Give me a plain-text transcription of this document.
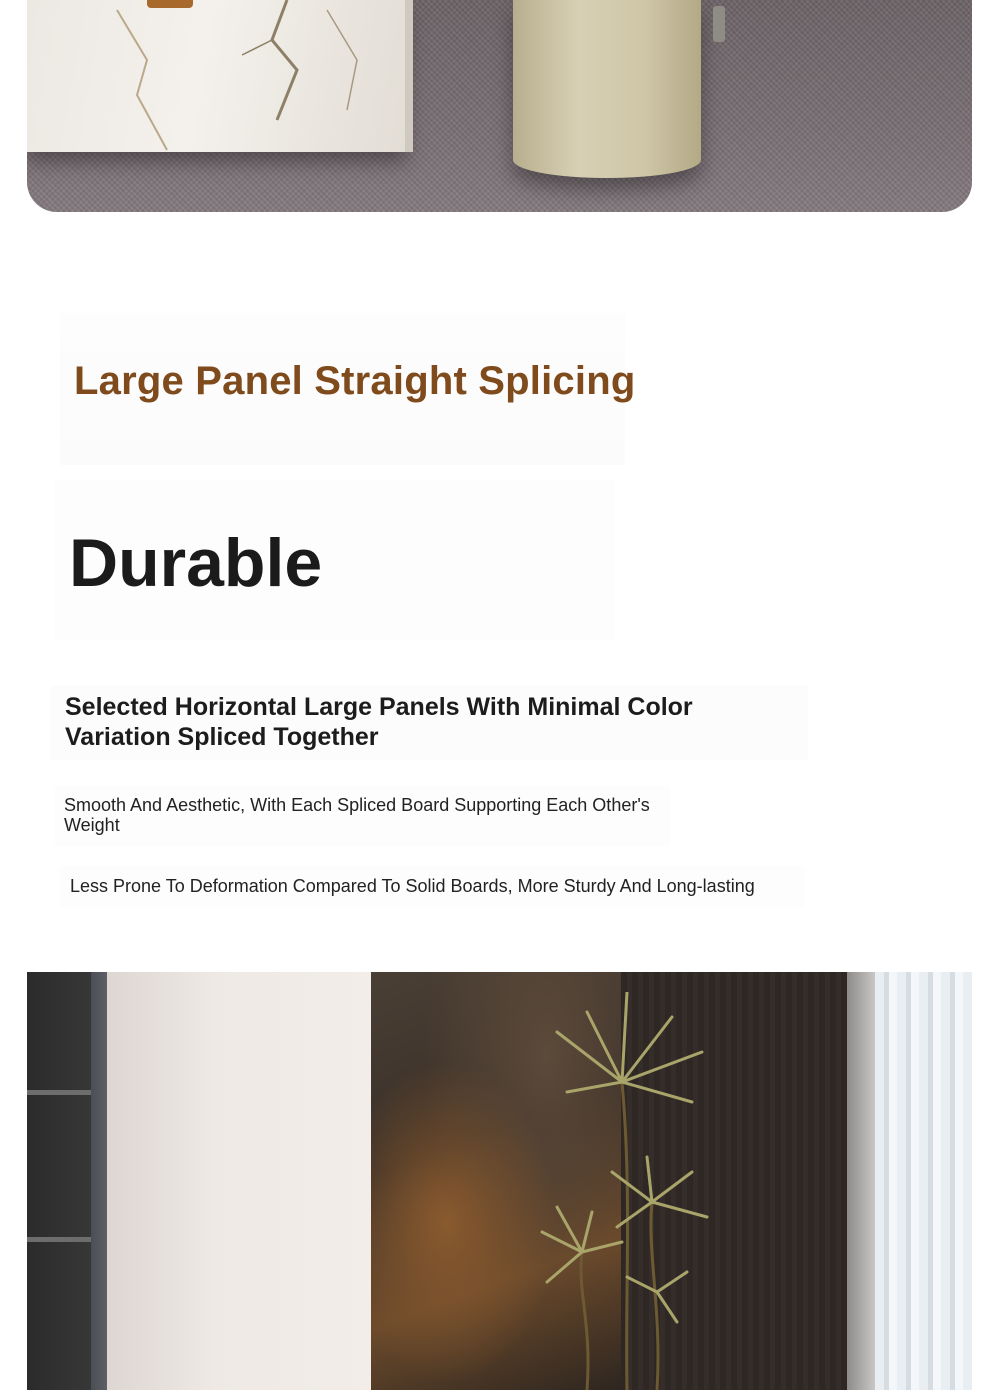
Large Panel Straight Splicing
Durable

Selected Horizontal Large Panels With Minimal Color Variation Spliced Together

Smooth And Aesthetic, With Each Spliced Board Supporting Each Other's Weight

Less Prone To Deformation Compared To Solid Boards, More Sturdy And Long-lasting
